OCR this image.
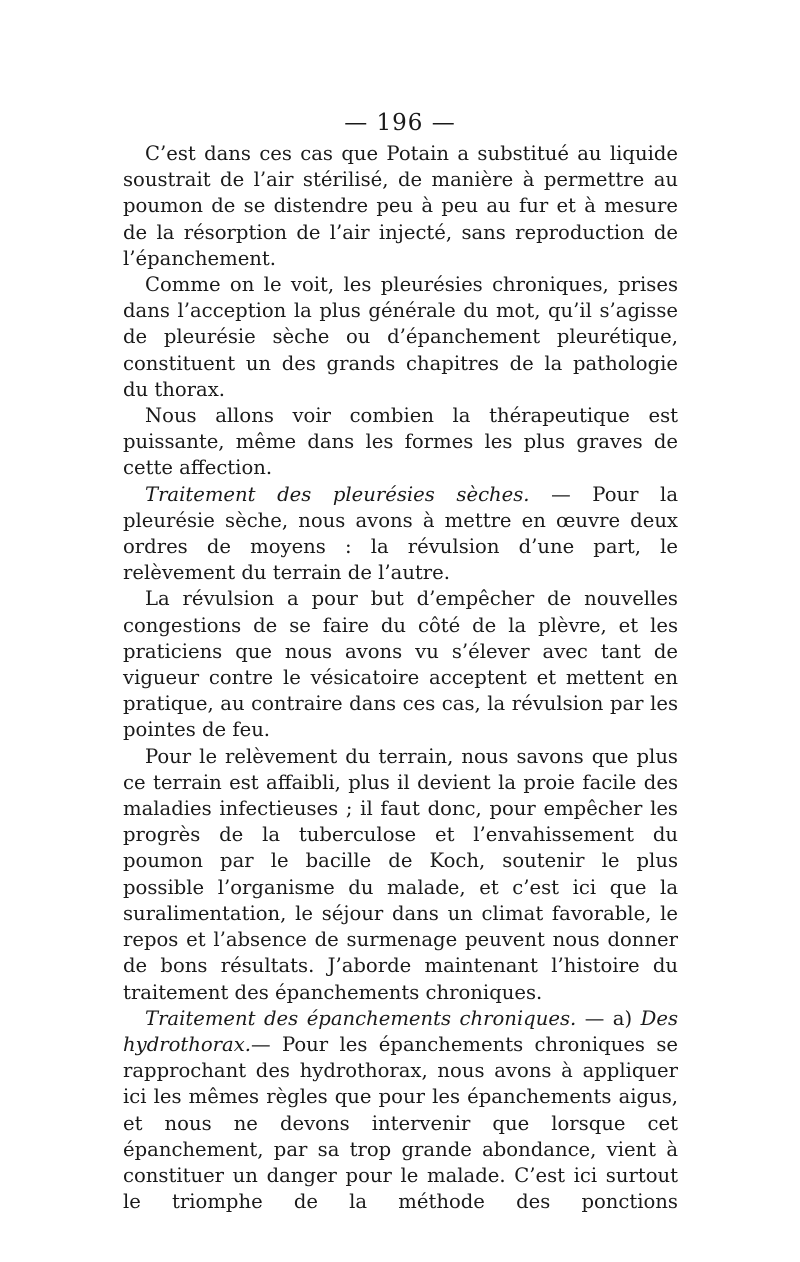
— 196 —

C’est dans ces cas que Potain a substitué au liquide soustrait de l’air stérilisé, de manière à permettre au poumon de se distendre peu à peu au fur et à mesure de la résorption de l’air injecté, sans reproduction de l’épanchement.

Comme on le voit, les pleurésies chroniques, prises dans l’acception la plus générale du mot, qu’il s’agisse de pleurésie sèche ou d’épanchement pleurétique, constituent un des grands chapitres de la pathologie du thorax.

Nous allons voir combien la thérapeutique est puissante, même dans les formes les plus graves de cette affection.

Traitement des pleurésies sèches. — Pour la pleurésie sèche, nous avons à mettre en œuvre deux ordres de moyens : la révulsion d’une part, le relèvement du terrain de l’autre.

La révulsion a pour but d’empêcher de nouvelles congestions de se faire du côté de la plèvre, et les praticiens que nous avons vu s’élever avec tant de vigueur contre le vésicatoire acceptent et mettent en pratique, au contraire dans ces cas, la révulsion par les pointes de feu.

Pour le relèvement du terrain, nous savons que plus ce terrain est affaibli, plus il devient la proie facile des maladies infectieuses ; il faut donc, pour empêcher les progrès de la tuberculose et l’envahissement du poumon par le bacille de Koch, soutenir le plus possible l’organisme du malade, et c’est ici que la suralimentation, le séjour dans un climat favorable, le repos et l’absence de surmenage peuvent nous donner de bons résultats. J’aborde maintenant l’histoire du traitement des épanchements chroniques.

Traitement des épanchements chroniques. — a) Des hydrothorax.— Pour les épanchements chroniques se rapprochant des hydrothorax, nous avons à appliquer ici les mêmes règles que pour les épanchements aigus, et nous ne devons intervenir que lorsque cet épanchement, par sa trop grande abondance, vient à constituer un danger pour le malade. C’est ici surtout le triomphe de la méthode des ponctions
